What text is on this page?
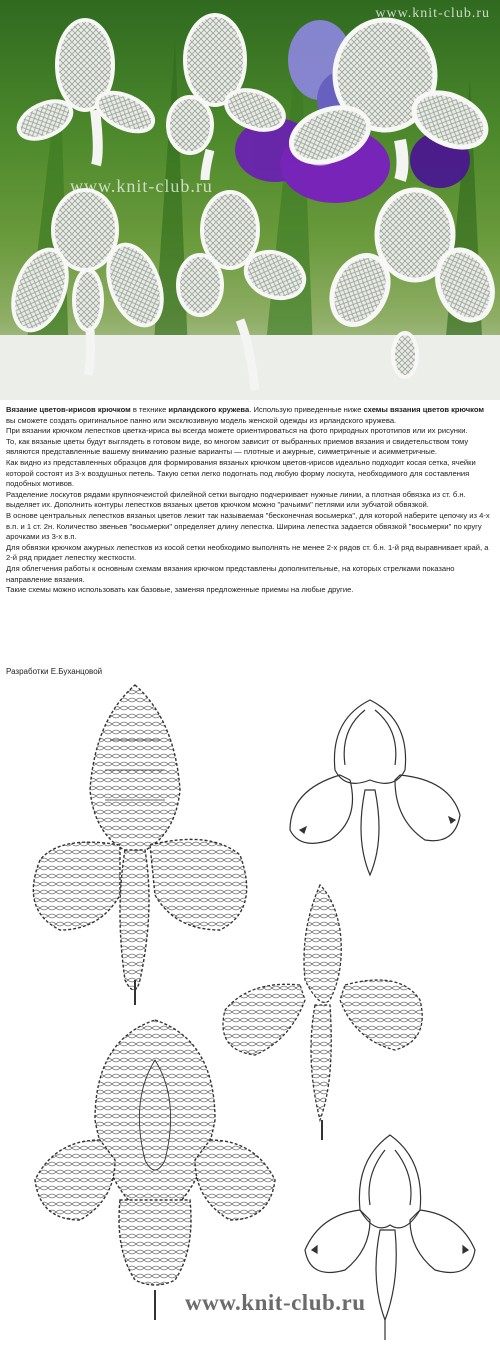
www.knit-club.ru
www.knit-club.ru

Вязание цветов-ирисов крючком в технике ирландского кружева. Использую приведенные ниже схемы вязания цветов крючком вы сможете создать оригинальное панно или эксклюзивную модель женской одежды из ирландского кружева.

При вязании крючком лепестков цветка-ириса вы всегда можете ориентироваться на фото природных прототипов или их рисунки.

То, как вязаные цветы будут выглядеть в готовом виде, во многом зависит от выбранных приемов вязания и свидетельством тому являются представленные вашему вниманию разные варианты — плотные и ажурные, симметричные и асимметричные.

Как видно из представленных образцов для формирования вязаных крючком цветов-ирисов идеально подходит косая сетка, ячейки которой состоят из 3-х воздушных петель. Такую сетки легко подогнать под любую форму лоскута, необходимого для составления подобных мотивов.

Разделение лоскутов рядами крупноячеистой филейной сетки выгодно подчеркивает нужные линии, а плотная обвязка из ст. б.н. выделяет их. Дополнить контуры лепестков вязаных цветов крючком можно "рачьими" петлями или зубчатой обвязкой.

В основе центральных лепестков вязаных цветов лежит так называемая "бесконечная восьмерка", для которой наберите цепочку из 4-х в.п. и 1 ст. 2н. Количество звеньев "восьмерки" определяет длину лепестка. Ширина лепестка задается обвязкой "восьмерки" по кругу арочками из 3-х в.п.

Для обвязки крючком ажурных лепестков из косой сетки необходимо выполнять не менее 2-х рядов ст. б.н. 1-й ряд выравнивает край, а 2-й ряд придает лепестку жесткости.

Для облегчения работы к основным схемам вязания крючком представлены дополнительные, на которых стрелками показано направление вязания.

Такие схемы можно использовать как базовые, заменяя предложенные приемы на любые другие.

Разработки Е.Буханцовой
www.knit-club.ru
